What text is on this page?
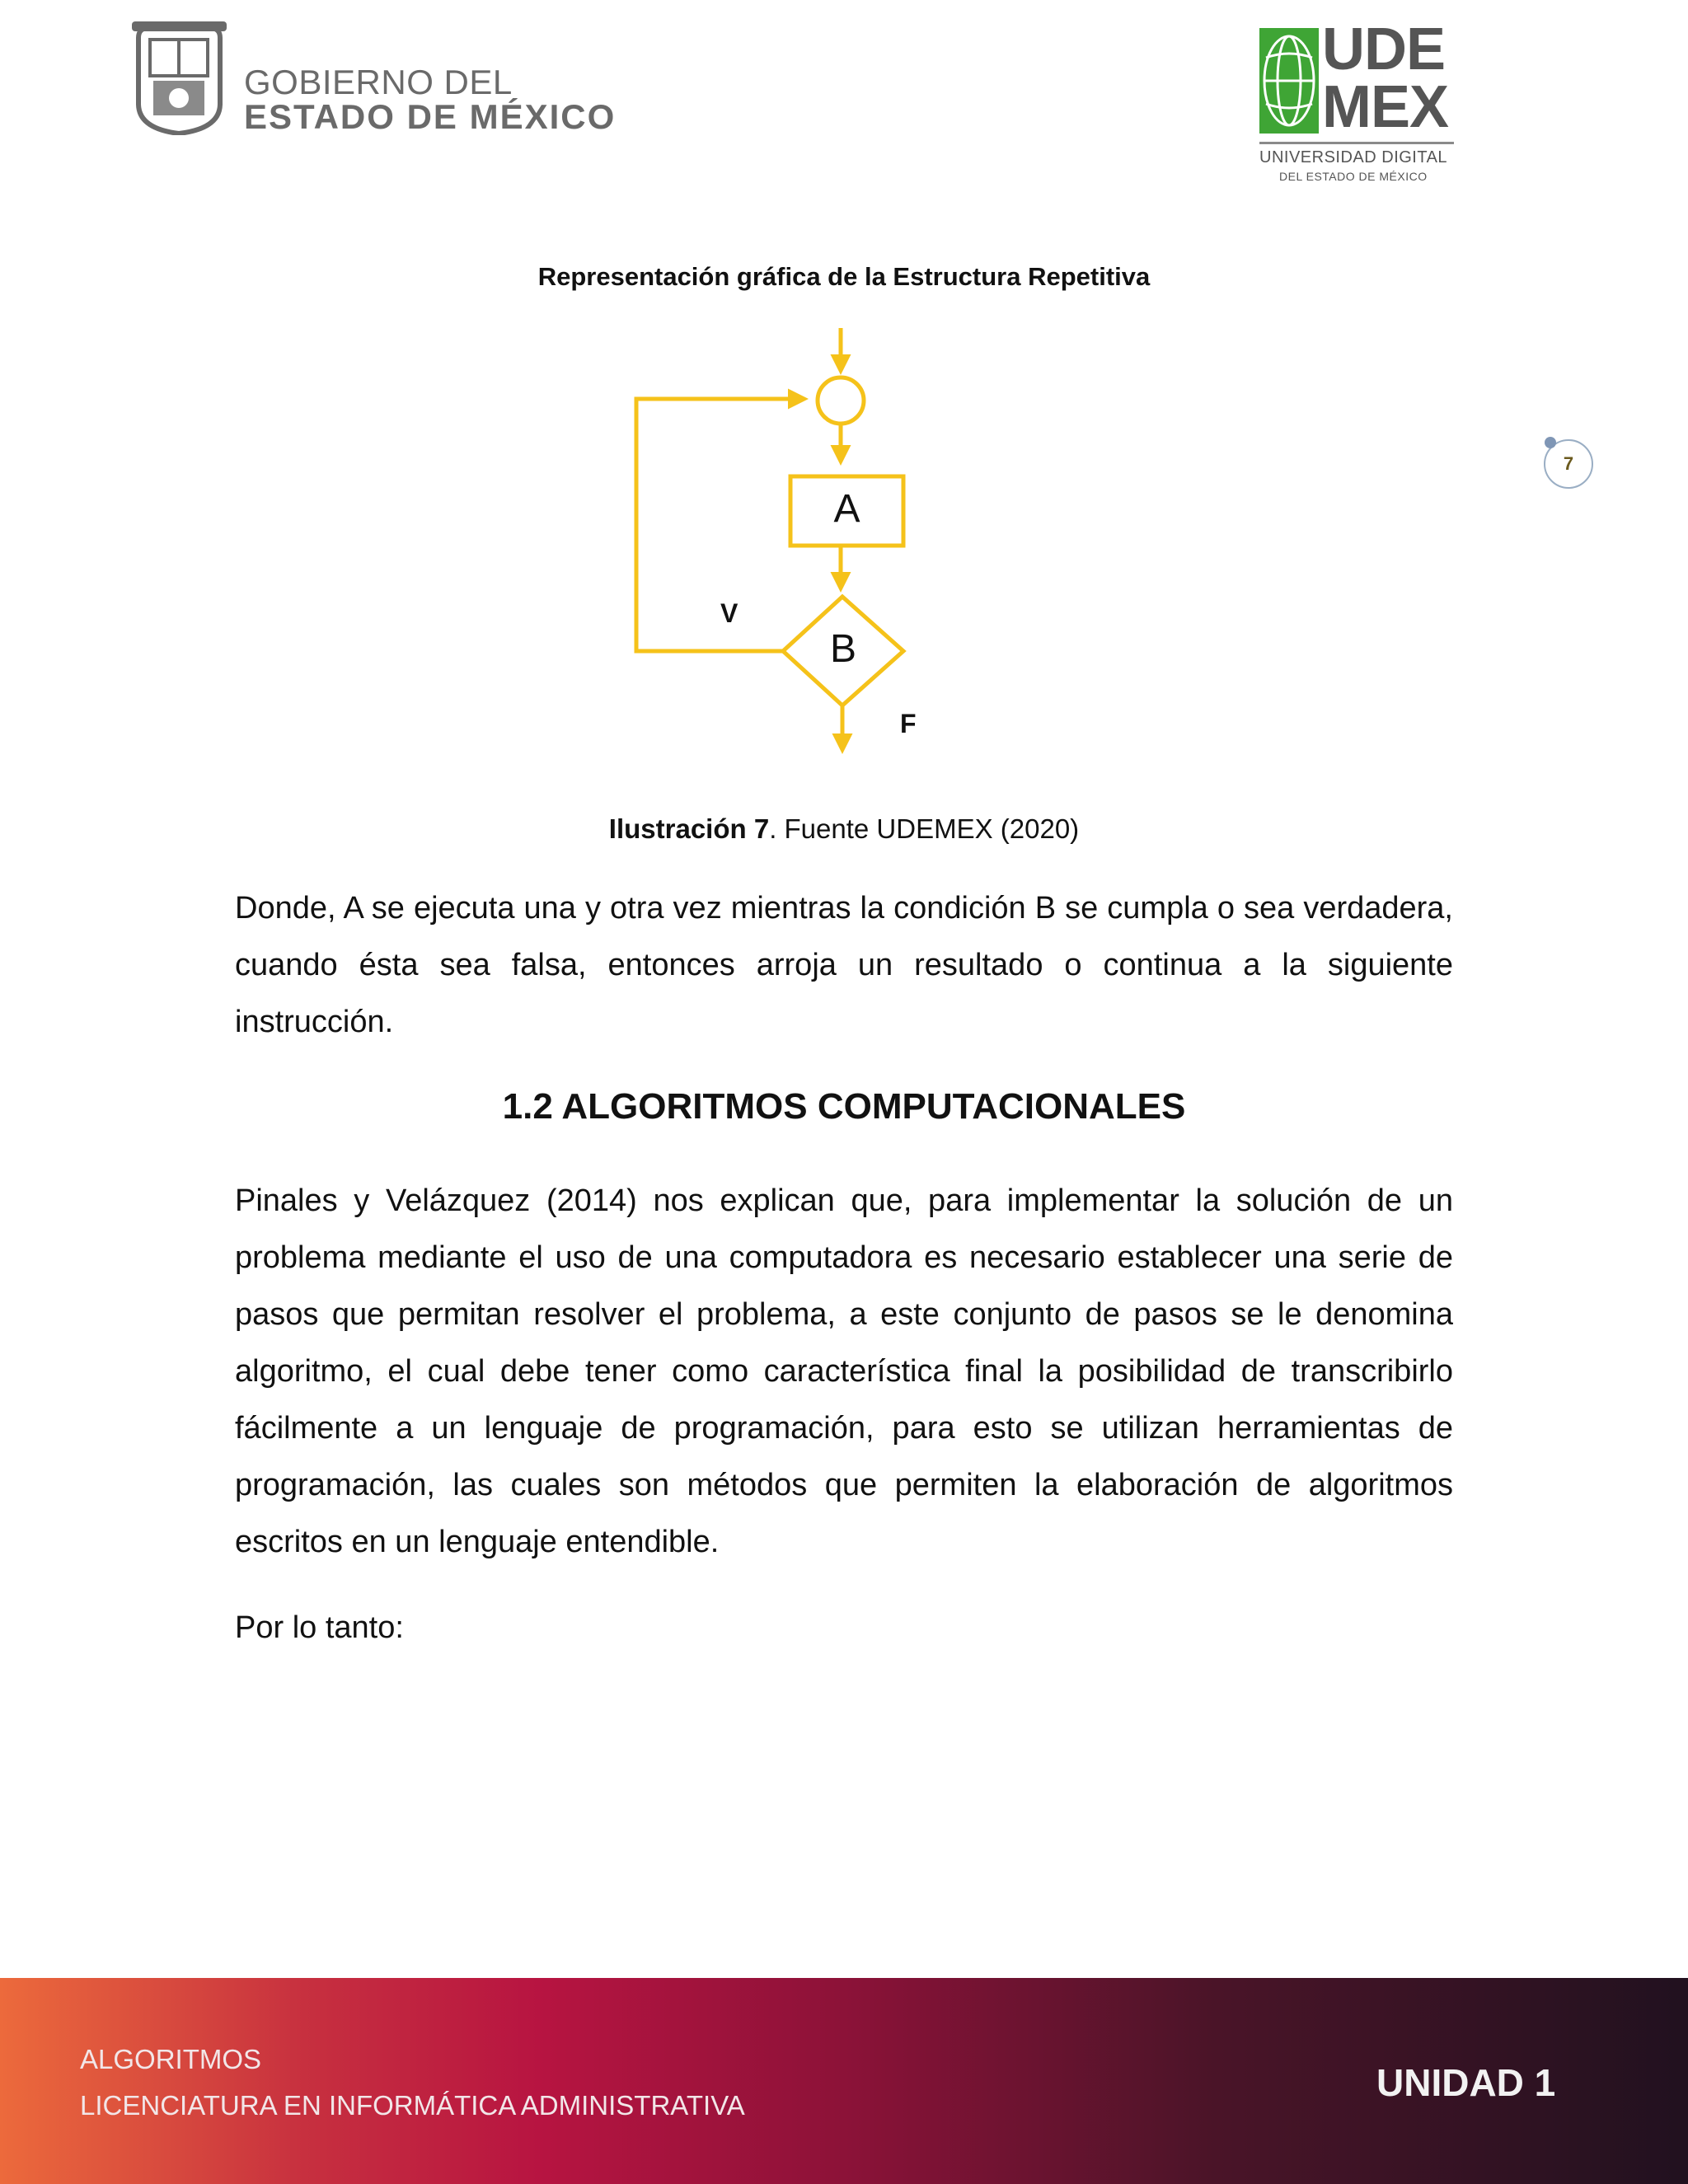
GOBIERNO DEL
ESTADO DE MÉXICO
UDE
MEX
UNIVERSIDAD DIGITAL
DEL ESTADO DE MÉXICO
7
Representación gráfica de la Estructura Repetitiva
A
B
V
F
Ilustración 7. Fuente UDEMEX (2020)
Donde, A se ejecuta una y otra vez mientras la condición B se cumpla o sea verdadera, cuando ésta sea falsa, entonces arroja un resultado o continua a la siguiente instrucción.
1.2 ALGORITMOS COMPUTACIONALES
Pinales y Velázquez (2014) nos explican que, para implementar la solución de un problema mediante el uso de una computadora es necesario establecer una serie de pasos que permitan resolver el problema, a este conjunto de pasos se le denomina algoritmo, el cual debe tener como característica final la posibilidad de transcribirlo fácilmente a un lenguaje de programación, para esto se utilizan herramientas de programación, las cuales son métodos que permiten la elaboración de algoritmos escritos en un lenguaje entendible.
Por lo tanto:
ALGORITMOS
LICENCIATURA EN INFORMÁTICA ADMINISTRATIVA
UNIDAD 1
